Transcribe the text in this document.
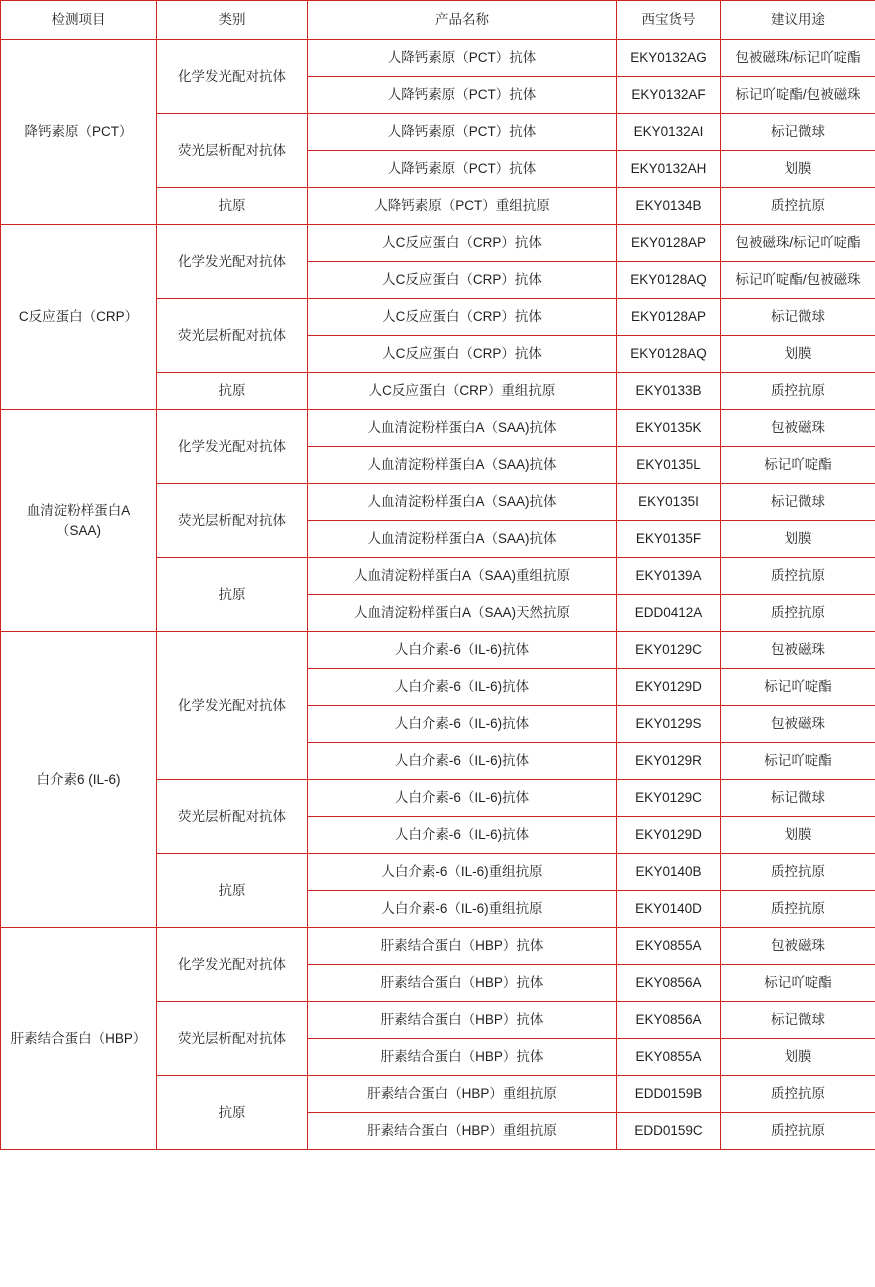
检测项目	类别	产品名称	西宝货号	建议用途
降钙素原（PCT）	化学发光配对抗体	人降钙素原（PCT）抗体	EKY0132AG	包被磁珠/标记吖啶酯
		人降钙素原（PCT）抗体	EKY0132AF	标记吖啶酯/包被磁珠
	荧光层析配对抗体	人降钙素原（PCT）抗体	EKY0132AI	标记微球
		人降钙素原（PCT）抗体	EKY0132AH	划膜
	抗原	人降钙素原（PCT）重组抗原	EKY0134B	质控抗原
C反应蛋白（CRP）	化学发光配对抗体	人C反应蛋白（CRP）抗体	EKY0128AP	包被磁珠/标记吖啶酯
		人C反应蛋白（CRP）抗体	EKY0128AQ	标记吖啶酯/包被磁珠
	荧光层析配对抗体	人C反应蛋白（CRP）抗体	EKY0128AP	标记微球
		人C反应蛋白（CRP）抗体	EKY0128AQ	划膜
	抗原	人C反应蛋白（CRP）重组抗原	EKY0133B	质控抗原
血清淀粉样蛋白A（SAA)	化学发光配对抗体	人血清淀粉样蛋白A（SAA)抗体	EKY0135K	包被磁珠
		人血清淀粉样蛋白A（SAA)抗体	EKY0135L	标记吖啶酯
	荧光层析配对抗体	人血清淀粉样蛋白A（SAA)抗体	EKY0135I	标记微球
		人血清淀粉样蛋白A（SAA)抗体	EKY0135F	划膜
	抗原	人血清淀粉样蛋白A（SAA)重组抗原	EKY0139A	质控抗原
		人血清淀粉样蛋白A（SAA)天然抗原	EDD0412A	质控抗原
白介素6 (IL-6)	化学发光配对抗体	人白介素-6（IL-6)抗体	EKY0129C	包被磁珠
		人白介素-6（IL-6)抗体	EKY0129D	标记吖啶酯
		人白介素-6（IL-6)抗体	EKY0129S	包被磁珠
		人白介素-6（IL-6)抗体	EKY0129R	标记吖啶酯
	荧光层析配对抗体	人白介素-6（IL-6)抗体	EKY0129C	标记微球
		人白介素-6（IL-6)抗体	EKY0129D	划膜
	抗原	人白介素-6（IL-6)重组抗原	EKY0140B	质控抗原
		人白介素-6（IL-6)重组抗原	EKY0140D	质控抗原
肝素结合蛋白（HBP）	化学发光配对抗体	肝素结合蛋白（HBP）抗体	EKY0855A	包被磁珠
		肝素结合蛋白（HBP）抗体	EKY0856A	标记吖啶酯
	荧光层析配对抗体	肝素结合蛋白（HBP）抗体	EKY0856A	标记微球
		肝素结合蛋白（HBP）抗体	EKY0855A	划膜
	抗原	肝素结合蛋白（HBP）重组抗原	EDD0159B	质控抗原
		肝素结合蛋白（HBP）重组抗原	EDD0159C	质控抗原
